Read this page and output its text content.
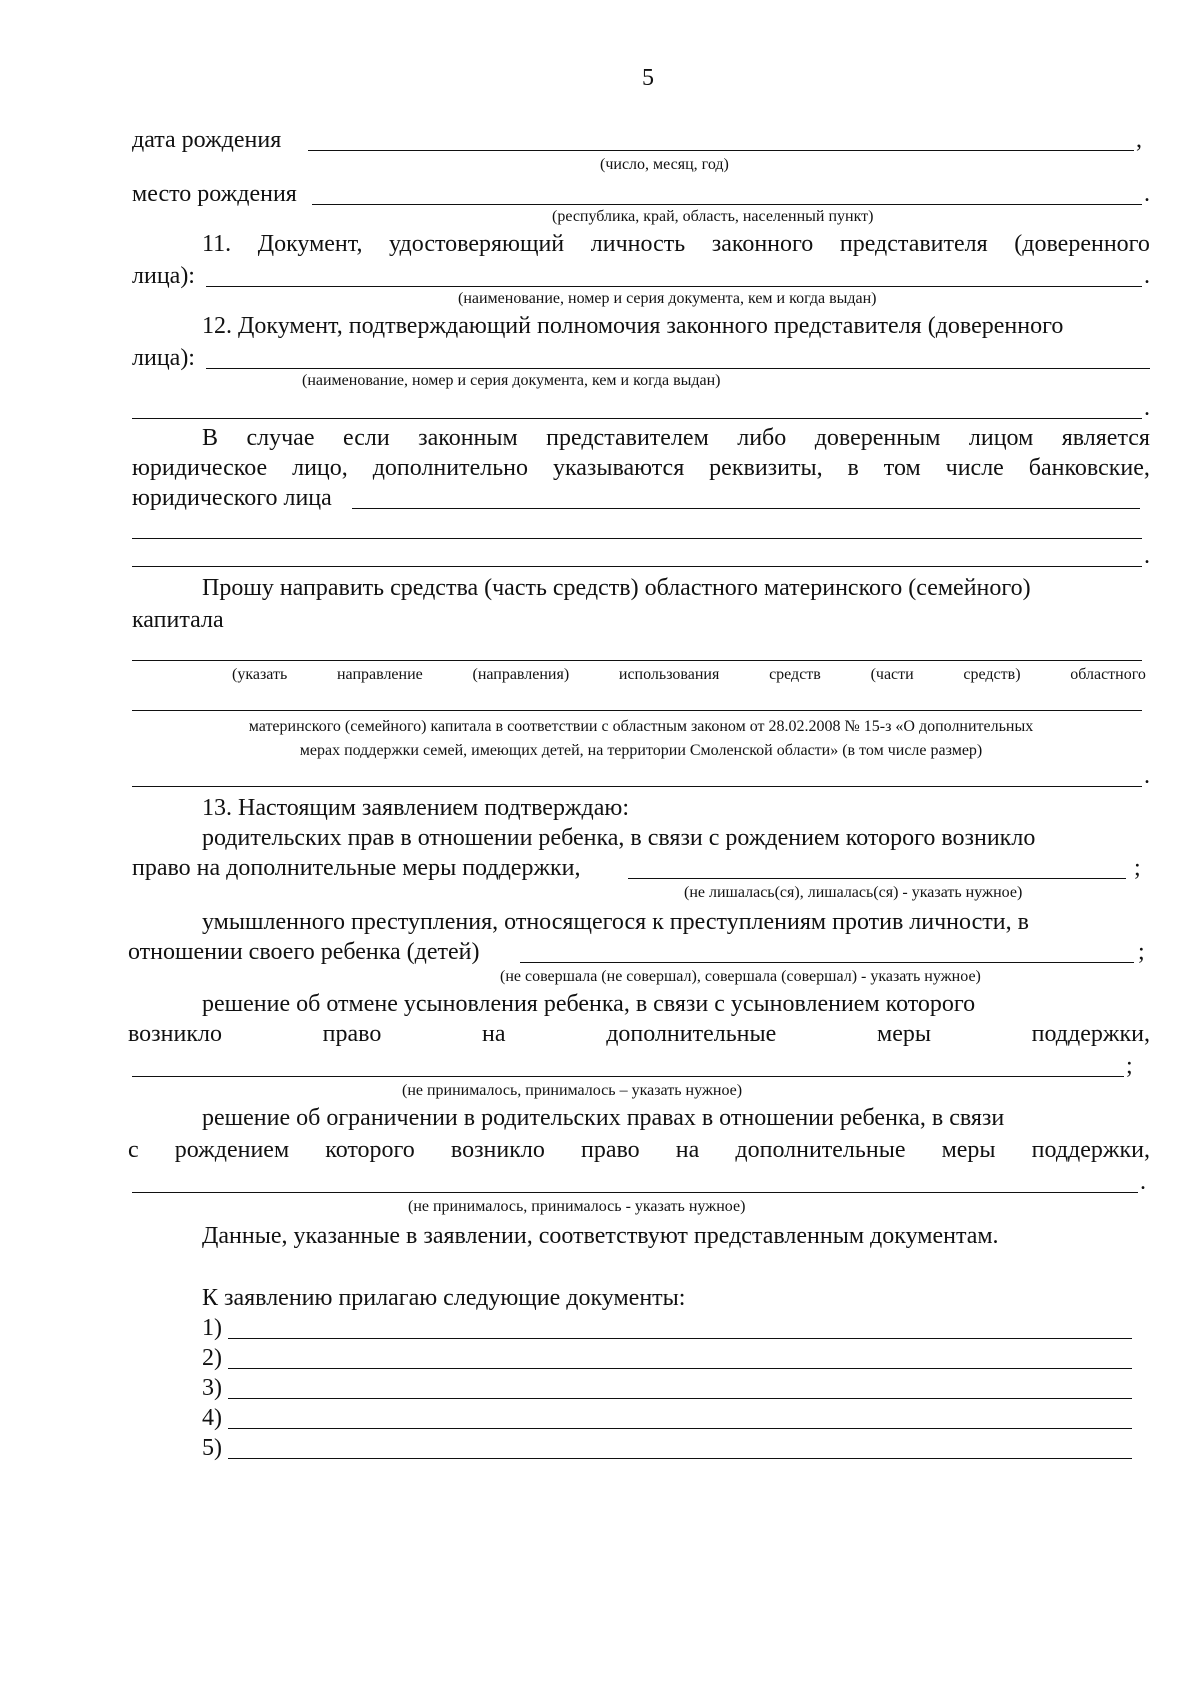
5
дата рождения	,
(число, месяц, год)
место рождения	.
(республика, край, область, населенный пункт)
11. Документ, удостоверяющий личность законного представителя (доверенного
лица):	.
(наименование, номер и серия документа, кем и когда выдан)
12. Документ, подтверждающий полномочия законного представителя (доверенного
лица):
(наименование, номер и серия документа, кем и когда выдан)
.
В случае если законным представителем либо доверенным лицом является
юридическое лицо, дополнительно указываются реквизиты, в том числе банковские,
юридического лица
.
Прошу направить средства (часть средств) областного материнского (семейного)
капитала
(указать	направление	(направления)	использования	средств	(части	средств)	областного
материнского (семейного) капитала в соответствии с областным законом от 28.02.2008 № 15-з «О дополнительных
мерах поддержки семей, имеющих детей, на территории Смоленской области» (в том числе размер)
.
13. Настоящим заявлением подтверждаю:
родительских прав в отношении ребенка, в связи с рождением которого возникло
право на дополнительные меры поддержки,	;
(не лишалась(ся), лишалась(ся) - указать нужное)
умышленного преступления, относящегося к преступлениям против личности, в
отношении своего ребенка (детей)	;
(не совершала (не совершал), совершала (совершал) - указать нужное)
решение об отмене усыновления ребенка, в связи с усыновлением которого
возникло	право	на	дополнительные	меры	поддержки,
;
(не принималось, принималось – указать нужное)
решение об ограничении в родительских правах в отношении ребенка, в связи
с рождением которого возникло право на дополнительные меры поддержки,
.
(не принималось, принималось - указать нужное)
Данные, указанные в заявлении, соответствуют представленным документам.
К заявлению прилагаю следующие документы:
1)
2)
3)
4)
5)
